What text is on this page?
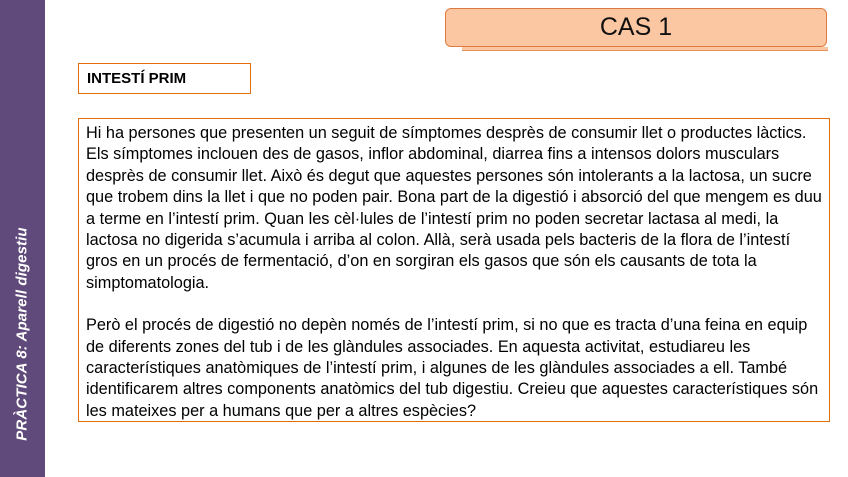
PRÀCTICA 8: Aparell digestiu
CAS 1
INTESTÍ PRIM

Hi ha persones que presenten un seguit de símptomes desprès de consumir llet o productes làctics. Els símptomes inclouen des de gasos, inflor abdominal, diarrea fins a intensos dolors musculars desprès de consumir llet. Això és degut que aquestes persones són intolerants a la lactosa, un sucre que trobem dins la llet i que no poden pair. Bona part de la digestió i absorció del que mengem es duu a terme en l’intestí prim. Quan les cèl·lules de l’intestí prim no poden secretar lactasa al medi, la lactosa no digerida s’acumula i arriba al colon. Allà, serà usada pels bacteris de la flora de l’intestí gros en un procés de fermentació, d’on en sorgiran els gasos que són els causants de tota la simptomatologia.

Però el procés de digestió no depèn només de l’intestí prim, si no que es tracta d’una feina en equip de diferents zones del tub i de les glàndules associades. En aquesta activitat, estudiareu les característiques anatòmiques de l’intestí prim, i algunes de les glàndules associades a ell. També identificarem altres components anatòmics del tub digestiu. Creieu que aquestes característiques són les mateixes per a humans que per a altres espècies?
